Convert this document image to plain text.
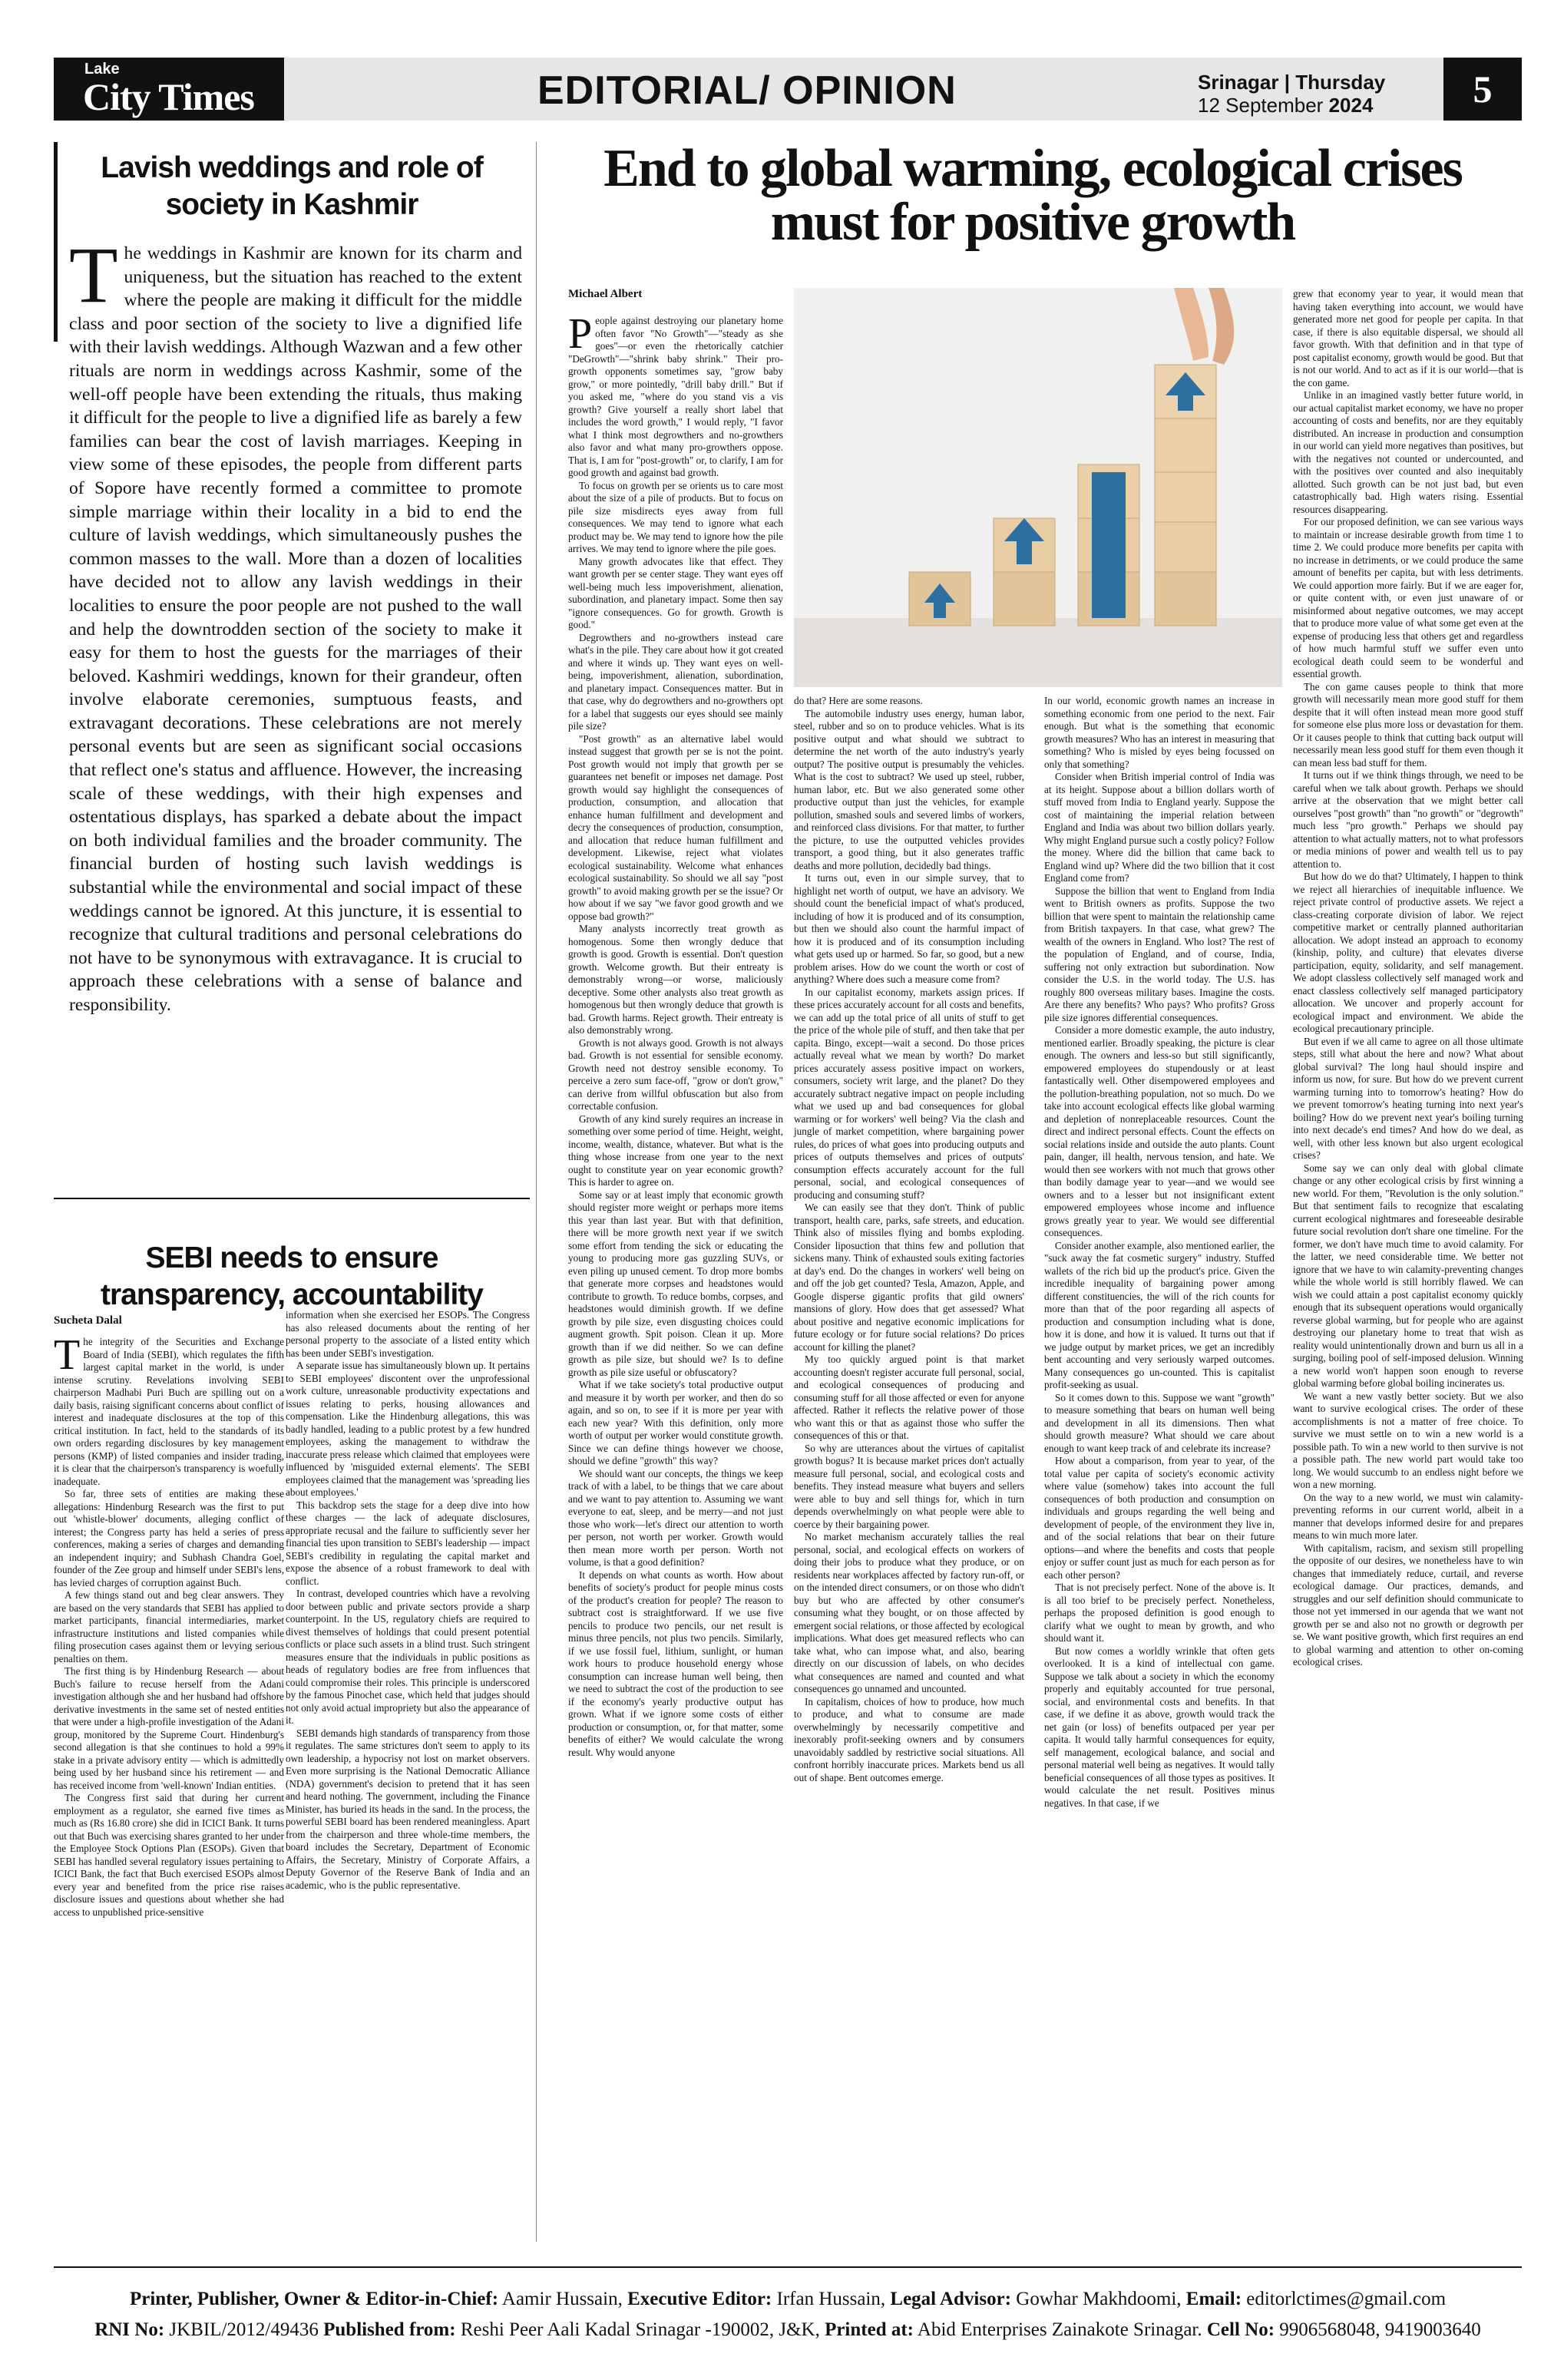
Lake
City Times	EDITORIAL/ OPINION	Srinagar | Thursday
12 September 2024	5
Lavish weddings and role of society in Kashmir

The weddings in Kashmir are known for its charm and uniqueness, but the situation has reached to the extent where the people are making it difficult for the middle class and poor section of the society to live a dignified life with their lavish weddings. Although Wazwan and a few other rituals are norm in weddings across Kashmir, some of the well-off people have been extending the rituals, thus making it difficult for the people to live a dignified life as barely a few families can bear the cost of lavish marriages. Keeping in view some of these episodes, the people from different parts of Sopore have recently formed a committee to promote simple marriage within their locality in a bid to end the culture of lavish weddings, which simultaneously pushes the common masses to the wall. More than a dozen of localities have decided not to allow any lavish weddings in their localities to ensure the poor people are not pushed to the wall and help the downtrodden section of the society to make it easy for them to host the guests for the marriages of their beloved. Kashmiri weddings, known for their grandeur, often involve elaborate ceremonies, sumptuous feasts, and extravagant decorations. These celebrations are not merely personal events but are seen as significant social occasions that reflect one's status and affluence. However, the increasing scale of these weddings, with their high expenses and ostentatious displays, has sparked a debate about the impact on both individual families and the broader community. The financial burden of hosting such lavish weddings is substantial while the environmental and social impact of these weddings cannot be ignored. At this juncture, it is essential to recognize that cultural traditions and personal celebrations do not have to be synonymous with extravagance. It is crucial to approach these celebrations with a sense of balance and responsibility.

SEBI needs to ensure transparency, accountability
Sucheta Dalal

The integrity of the Securities and Exchange Board of India (SEBI), which regulates the fifth largest capital market in the world, is under intense scrutiny. Revelations involving SEBI chairperson Madhabi Puri Buch are spilling out on a daily basis, raising significant concerns about conflict of interest and inadequate disclosures at the top of this critical institution. In fact, held to the standards of its own orders regarding disclosures by key management persons (KMP) of listed companies and insider trading, it is clear that the chairperson's transparency is woefully inadequate.

So far, three sets of entities are making these allegations: Hindenburg Research was the first to put out 'whistle-blower' documents, alleging conflict of interest; the Congress party has held a series of press conferences, making a series of charges and demanding an independent inquiry; and Subhash Chandra Goel, founder of the Zee group and himself under SEBI's lens, has levied charges of corruption against Buch.

A few things stand out and beg clear answers. They are based on the very standards that SEBI has applied to market participants, financial intermediaries, market infrastructure institutions and listed companies while filing prosecution cases against them or levying serious penalties on them.

The first thing is by Hindenburg Research — about Buch's failure to recuse herself from the Adani investigation although she and her husband had offshore derivative investments in the same set of nested entities that were under a high-profile investigation of the Adani group, monitored by the Supreme Court. Hindenburg's second allegation is that she continues to hold a 99% stake in a private advisory entity — which is admittedly being used by her husband since his retirement — and has received income from 'well-known' Indian entities.

The Congress first said that during her current employment as a regulator, she earned five times as much as (Rs 16.80 crore) she did in ICICI Bank. It turns out that Buch was exercising shares granted to her under the Employee Stock Options Plan (ESOPs). Given that SEBI has handled several regulatory issues pertaining to ICICI Bank, the fact that Buch exercised ESOPs almost every year and benefited from the price rise raises disclosure issues and questions about whether she had access to unpublished price-sensitive

information when she exercised her ESOPs. The Congress has also released documents about the renting of her personal property to the associate of a listed entity which has been under SEBI's investigation.

A separate issue has simultaneously blown up. It pertains to SEBI employees' discontent over the unprofessional work culture, unreasonable productivity expectations and issues relating to perks, housing allowances and compensation. Like the Hindenburg allegations, this was badly handled, leading to a public protest by a few hundred employees, asking the management to withdraw the inaccurate press release which claimed that employees were influenced by 'misguided external elements'. The SEBI employees claimed that the management was 'spreading lies about employees.'

This backdrop sets the stage for a deep dive into how these charges — the lack of adequate disclosures, appropriate recusal and the failure to sufficiently sever her financial ties upon transition to SEBI's leadership — impact SEBI's credibility in regulating the capital market and expose the absence of a robust framework to deal with conflict.

In contrast, developed countries which have a revolving door between public and private sectors provide a sharp counterpoint. In the US, regulatory chiefs are required to divest themselves of holdings that could present potential conflicts or place such assets in a blind trust. Such stringent measures ensure that the individuals in public positions as heads of regulatory bodies are free from influences that could compromise their roles. This principle is underscored by the famous Pinochet case, which held that judges should not only avoid actual impropriety but also the appearance of it.

SEBI demands high standards of transparency from those it regulates. The same strictures don't seem to apply to its own leadership, a hypocrisy not lost on market observers. Even more surprising is the National Democratic Alliance (NDA) government's decision to pretend that it has seen and heard nothing. The government, including the Finance Minister, has buried its heads in the sand. In the process, the powerful SEBI board has been rendered meaningless. Apart from the chairperson and three whole-time members, the board includes the Secretary, Department of Economic Affairs, the Secretary, Ministry of Corporate Affairs, a Deputy Governor of the Reserve Bank of India and an academic, who is the public representative.

End to global warming, ecological crises must for positive growth
Michael Albert

People against destroying our planetary home often favor "No Growth"—"steady as she goes"—or even the rhetorically catchier "DeGrowth"—"shrink baby shrink." Their pro-growth opponents sometimes say, "grow baby grow," or more pointedly, "drill baby drill." But if you asked me, "where do you stand vis a vis growth? Give yourself a really short label that includes the word growth," I would reply, "I favor what I think most degrowthers and no-growthers also favor and what many pro-growthers oppose. That is, I am for "post-growth" or, to clarify, I am for good growth and against bad growth.

To focus on growth per se orients us to care most about the size of a pile of products. But to focus on pile size misdirects eyes away from full consequences. We may tend to ignore what each product may be. We may tend to ignore how the pile arrives. We may tend to ignore where the pile goes.

Many growth advocates like that effect. They want growth per se center stage. They want eyes off well-being much less impoverishment, alienation, subordination, and planetary impact. Some then say "ignore consequences. Go for growth. Growth is good."

Degrowthers and no-growthers instead care what's in the pile. They care about how it got created and where it winds up. They want eyes on well-being, impoverishment, alienation, subordination, and planetary impact. Consequences matter. But in that case, why do degrowthers and no-growthers opt for a label that suggests our eyes should see mainly pile size?

"Post growth" as an alternative label would instead suggest that growth per se is not the point. Post growth would not imply that growth per se guarantees net benefit or imposes net damage. Post growth would say highlight the consequences of production, consumption, and allocation that enhance human fulfillment and development and decry the consequences of production, consumption, and allocation that reduce human fulfillment and development. Likewise, reject what violates ecological sustainability. Welcome what enhances ecological sustainability. So should we all say "post growth" to avoid making growth per se the issue? Or how about if we say "we favor good growth and we oppose bad growth?"

Many analysts incorrectly treat growth as homogenous. Some then wrongly deduce that growth is good. Growth is essential. Don't question growth. Welcome growth. But their entreaty is demonstrably wrong—or worse, maliciously deceptive. Some other analysts also treat growth as homogenous but then wrongly deduce that growth is bad. Growth harms. Reject growth. Their entreaty is also demonstrably wrong.

Growth is not always good. Growth is not always bad. Growth is not essential for sensible economy. Growth need not destroy sensible economy. To perceive a zero sum face-off, "grow or don't grow," can derive from willful obfuscation but also from correctable confusion.

Growth of any kind surely requires an increase in something over some period of time. Height, weight, income, wealth, distance, whatever. But what is the thing whose increase from one year to the next ought to constitute year on year economic growth? This is harder to agree on.

Some say or at least imply that economic growth should register more weight or perhaps more items this year than last year. But with that definition, there will be more growth next year if we switch some effort from tending the sick or educating the young to producing more gas guzzling SUVs, or even piling up unused cement. To drop more bombs that generate more corpses and headstones would contribute to growth. To reduce bombs, corpses, and headstones would diminish growth. If we define growth by pile size, even disgusting choices could augment growth. Spit poison. Clean it up. More growth than if we did neither. So we can define growth as pile size, but should we? Is to define growth as pile size useful or obfuscatory?

What if we take society's total productive output and measure it by worth per worker, and then do so again, and so on, to see if it is more per year with each new year? With this definition, only more worth of output per worker would constitute growth. Since we can define things however we choose, should we define "growth" this way?

We should want our concepts, the things we keep track of with a label, to be things that we care about and we want to pay attention to. Assuming we want everyone to eat, sleep, and be merry—and not just those who work—let's direct our attention to worth per person, not worth per worker. Growth would then mean more worth per person. Worth not volume, is that a good definition?

It depends on what counts as worth. How about benefits of society's product for people minus costs of the product's creation for people? The reason to subtract cost is straightforward. If we use five pencils to produce two pencils, our net result is minus three pencils, not plus two pencils. Similarly, if we use fossil fuel, lithium, sunlight, or human work hours to produce household energy whose consumption can increase human well being, then we need to subtract the cost of the production to see if the economy's yearly productive output has grown. What if we ignore some costs of either production or consumption, or, for that matter, some benefits of either? We would calculate the wrong result. Why would anyone

do that? Here are some reasons.

The automobile industry uses energy, human labor, steel, rubber and so on to produce vehicles. What is its positive output and what should we subtract to determine the net worth of the auto industry's yearly output? The positive output is presumably the vehicles. What is the cost to subtract? We used up steel, rubber, human labor, etc. But we also generated some other productive output than just the vehicles, for example pollution, smashed souls and severed limbs of workers, and reinforced class divisions. For that matter, to further the picture, to use the outputted vehicles provides transport, a good thing, but it also generates traffic deaths and more pollution, decidedly bad things.

It turns out, even in our simple survey, that to highlight net worth of output, we have an advisory. We should count the beneficial impact of what's produced, including of how it is produced and of its consumption, but then we should also count the harmful impact of how it is produced and of its consumption including what gets used up or harmed. So far, so good, but a new problem arises. How do we count the worth or cost of anything? Where does such a measure come from?

In our capitalist economy, markets assign prices. If these prices accurately account for all costs and benefits, we can add up the total price of all units of stuff to get the price of the whole pile of stuff, and then take that per capita. Bingo, except—wait a second. Do those prices actually reveal what we mean by worth? Do market prices accurately assess positive impact on workers, consumers, society writ large, and the planet? Do they accurately subtract negative impact on people including what we used up and bad consequences for global warming or for workers' well being? Via the clash and jungle of market competition, where bargaining power rules, do prices of what goes into producing outputs and prices of outputs themselves and prices of outputs' consumption effects accurately account for the full personal, social, and ecological consequences of producing and consuming stuff?

We can easily see that they don't. Think of public transport, health care, parks, safe streets, and education. Think also of missiles flying and bombs exploding. Consider liposuction that thins few and pollution that sickens many. Think of exhausted souls exiting factories at day's end. Do the changes in workers' well being on and off the job get counted? Tesla, Amazon, Apple, and Google disperse gigantic profits that gild owners' mansions of glory. How does that get assessed? What about positive and negative economic implications for future ecology or for future social relations? Do prices account for killing the planet?

My too quickly argued point is that market accounting doesn't register accurate full personal, social, and ecological consequences of producing and consuming stuff for all those affected or even for anyone affected. Rather it reflects the relative power of those who want this or that as against those who suffer the consequences of this or that.

So why are utterances about the virtues of capitalist growth bogus? It is because market prices don't actually measure full personal, social, and ecological costs and benefits. They instead measure what buyers and sellers were able to buy and sell things for, which in turn depends overwhelmingly on what people were able to coerce by their bargaining power.

No market mechanism accurately tallies the real personal, social, and ecological effects on workers of doing their jobs to produce what they produce, or on residents near workplaces affected by factory run-off, or on the intended direct consumers, or on those who didn't buy but who are affected by other consumer's consuming what they bought, or on those affected by emergent social relations, or those affected by ecological implications. What does get measured reflects who can take what, who can impose what, and also, bearing directly on our discussion of labels, on who decides what consequences are named and counted and what consequences go unnamed and uncounted.

In capitalism, choices of how to produce, how much to produce, and what to consume are made overwhelmingly by necessarily competitive and inexorably profit-seeking owners and by consumers unavoidably saddled by restrictive social situations. All confront horribly inaccurate prices. Markets bend us all out of shape. Bent outcomes emerge.

In our world, economic growth names an increase in something economic from one period to the next. Fair enough. But what is the something that economic growth measures? Who has an interest in measuring that something? Who is misled by eyes being focussed on only that something?

Consider when British imperial control of India was at its height. Suppose about a billion dollars worth of stuff moved from India to England yearly. Suppose the cost of maintaining the imperial relation between England and India was about two billion dollars yearly. Why might England pursue such a costly policy? Follow the money. Where did the billion that came back to England wind up? Where did the two billion that it cost England come from?

Suppose the billion that went to England from India went to British owners as profits. Suppose the two billion that were spent to maintain the relationship came from British taxpayers. In that case, what grew? The wealth of the owners in England. Who lost? The rest of the population of England, and of course, India, suffering not only extraction but subordination. Now consider the U.S. in the world today. The U.S. has roughly 800 overseas military bases. Imagine the costs. Are there any benefits? Who pays? Who profits? Gross pile size ignores differential consequences.

Consider a more domestic example, the auto industry, mentioned earlier. Broadly speaking, the picture is clear enough. The owners and less-so but still significantly, empowered employees do stupendously or at least fantastically well. Other disempowered employees and the pollution-breathing population, not so much. Do we take into account ecological effects like global warming and depletion of nonreplaceable resources. Count the direct and indirect personal effects. Count the effects on social relations inside and outside the auto plants. Count pain, danger, ill health, nervous tension, and hate. We would then see workers with not much that grows other than bodily damage year to year—and we would see owners and to a lesser but not insignificant extent empowered employees whose income and influence grows greatly year to year. We would see differential consequences.

Consider another example, also mentioned earlier, the "suck away the fat cosmetic surgery" industry. Stuffed wallets of the rich bid up the product's price. Given the incredible inequality of bargaining power among different constituencies, the will of the rich counts for more than that of the poor regarding all aspects of production and consumption including what is done, how it is done, and how it is valued. It turns out that if we judge output by market prices, we get an incredibly bent accounting and very seriously warped outcomes. Many consequences go un-counted. This is capitalist profit-seeking as usual.

So it comes down to this. Suppose we want "growth" to measure something that bears on human well being and development in all its dimensions. Then what should growth measure? What should we care about enough to want keep track of and celebrate its increase?

How about a comparison, from year to year, of the total value per capita of society's economic activity where value (somehow) takes into account the full consequences of both production and consumption on individuals and groups regarding the well being and development of people, of the environment they live in, and of the social relations that bear on their future options—and where the benefits and costs that people enjoy or suffer count just as much for each person as for each other person?

That is not precisely perfect. None of the above is. It is all too brief to be precisely perfect. Nonetheless, perhaps the proposed definition is good enough to clarify what we ought to mean by growth, and who should want it.

But now comes a worldly wrinkle that often gets overlooked. It is a kind of intellectual con game. Suppose we talk about a society in which the economy properly and equitably accounted for true personal, social, and environmental costs and benefits. In that case, if we define it as above, growth would track the net gain (or loss) of benefits outpaced per year per capita. It would tally harmful consequences for equity, self management, ecological balance, and social and personal material well being as negatives. It would tally beneficial consequences of all those types as positives. It would calculate the net result. Positives minus negatives. In that case, if we

grew that economy year to year, it would mean that having taken everything into account, we would have generated more net good for people per capita. In that case, if there is also equitable dispersal, we should all favor growth. With that definition and in that type of post capitalist economy, growth would be good. But that is not our world. And to act as if it is our world—that is the con game.

Unlike in an imagined vastly better future world, in our actual capitalist market economy, we have no proper accounting of costs and benefits, nor are they equitably distributed. An increase in production and consumption in our world can yield more negatives than positives, but with the negatives not counted or undercounted, and with the positives over counted and also inequitably allotted. Such growth can be not just bad, but even catastrophically bad. High waters rising. Essential resources disappearing.

For our proposed definition, we can see various ways to maintain or increase desirable growth from time 1 to time 2. We could produce more benefits per capita with no increase in detriments, or we could produce the same amount of benefits per capita, but with less detriments. We could apportion more fairly. But if we are eager for, or quite content with, or even just unaware of or misinformed about negative outcomes, we may accept that to produce more value of what some get even at the expense of producing less that others get and regardless of how much harmful stuff we suffer even unto ecological death could seem to be wonderful and essential growth.

The con game causes people to think that more growth will necessarily mean more good stuff for them despite that it will often instead mean more good stuff for someone else plus more loss or devastation for them. Or it causes people to think that cutting back output will necessarily mean less good stuff for them even though it can mean less bad stuff for them.

It turns out if we think things through, we need to be careful when we talk about growth. Perhaps we should arrive at the observation that we might better call ourselves "post growth" than "no growth" or "degrowth" much less "pro growth." Perhaps we should pay attention to what actually matters, not to what professors or media minions of power and wealth tell us to pay attention to.

But how do we do that? Ultimately, I happen to think we reject all hierarchies of inequitable influence. We reject private control of productive assets. We reject a class-creating corporate division of labor. We reject competitive market or centrally planned authoritarian allocation. We adopt instead an approach to economy (kinship, polity, and culture) that elevates diverse participation, equity, solidarity, and self management. We adopt classless collectively self managed work and enact classless collectively self managed participatory allocation. We uncover and properly account for ecological impact and environment. We abide the ecological precautionary principle.

But even if we all came to agree on all those ultimate steps, still what about the here and now? What about global survival? The long haul should inspire and inform us now, for sure. But how do we prevent current warming turning into to tomorrow's heating? How do we prevent tomorrow's heating turning into next year's boiling? How do we prevent next year's boiling turning into next decade's end times? And how do we deal, as well, with other less known but also urgent ecological crises?

Some say we can only deal with global climate change or any other ecological crisis by first winning a new world. For them, "Revolution is the only solution." But that sentiment fails to recognize that escalating current ecological nightmares and foreseeable desirable future social revolution don't share one timeline. For the former, we don't have much time to avoid calamity. For the latter, we need considerable time. We better not ignore that we have to win calamity-preventing changes while the whole world is still horribly flawed. We can wish we could attain a post capitalist economy quickly enough that its subsequent operations would organically reverse global warming, but for people who are against destroying our planetary home to treat that wish as reality would unintentionally drown and burn us all in a surging, boiling pool of self-imposed delusion. Winning a new world won't happen soon enough to reverse global warming before global boiling incinerates us.

We want a new vastly better society. But we also want to survive ecological crises. The order of these accomplishments is not a matter of free choice. To survive we must settle on to win a new world is a possible path. To win a new world to then survive is not a possible path. The new world part would take too long. We would succumb to an endless night before we won a new morning.

On the way to a new world, we must win calamity-preventing reforms in our current world, albeit in a manner that develops informed desire for and prepares means to win much more later.

With capitalism, racism, and sexism still propelling the opposite of our desires, we nonetheless have to win changes that immediately reduce, curtail, and reverse ecological damage. Our practices, demands, and struggles and our self definition should communicate to those not yet immersed in our agenda that we want not growth per se and also not no growth or degrowth per se. We want positive growth, which first requires an end to global warming and attention to other on-coming ecological crises.

Printer, Publisher, Owner & Editor-in-Chief: Aamir Hussain, Executive Editor: Irfan Hussain, Legal Advisor: Gowhar Makhdoomi, Email: editorlctimes@gmail.com
RNI No: JKBIL/2012/49436 Published from: Reshi Peer Aali Kadal Srinagar -190002, J&K, Printed at: Abid Enterprises Zainakote Srinagar. Cell No: 9906568048, 9419003640
